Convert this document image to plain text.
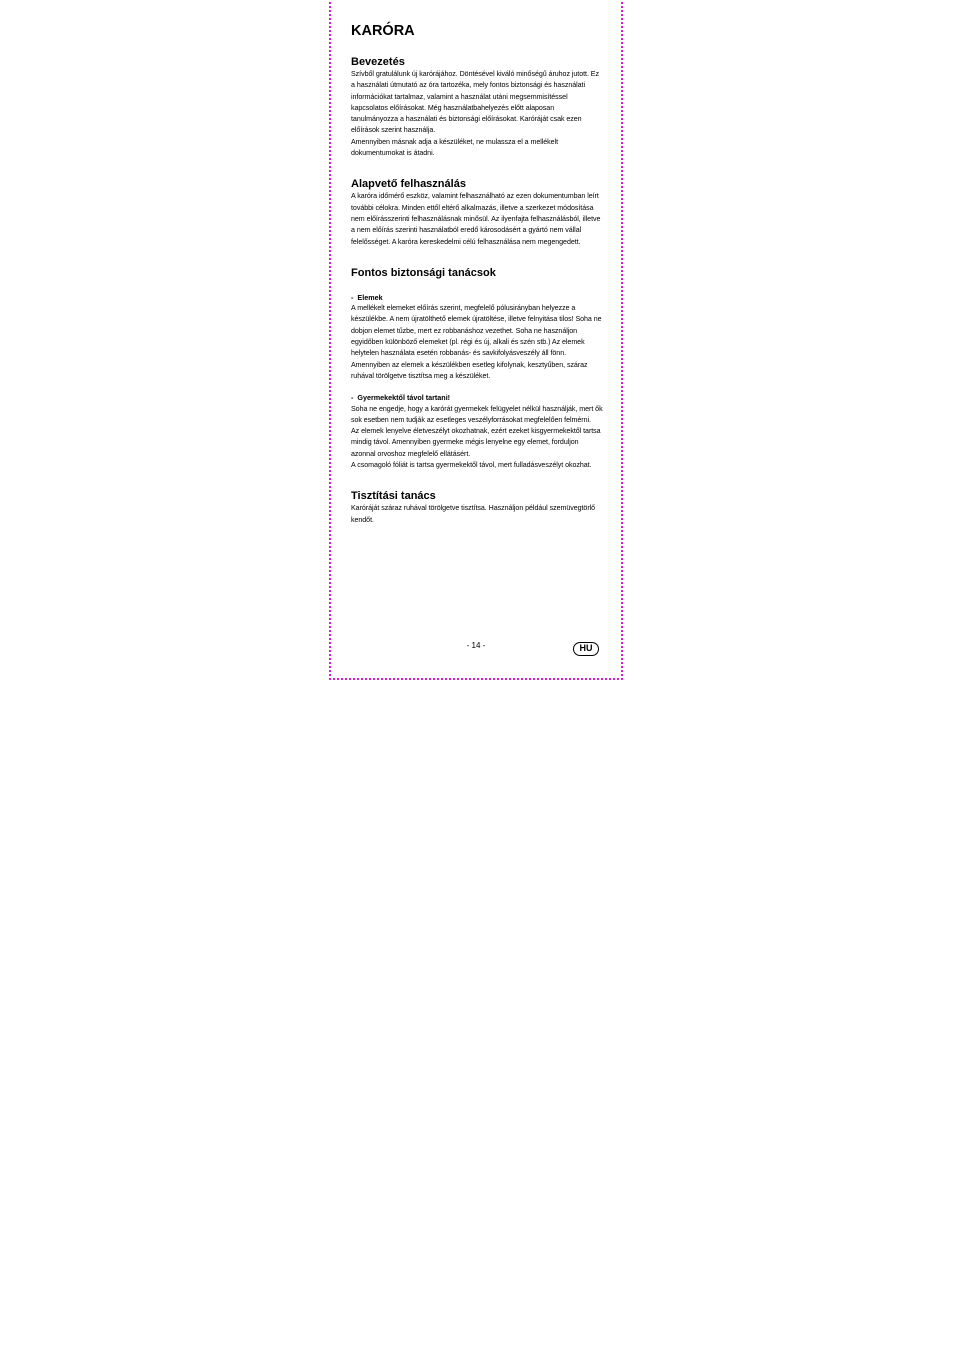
KARÓRA
Bevezetés

Szívből gratulálunk új karórájához. Döntésével kiváló minőségű áruhoz jutott. Ez a használati útmutató az óra tartozéka, mely fontos biztonsági és használati információkat tartalmaz, valamint a használat utáni megsemmisítéssel kapcsolatos előírásokat. Még használatbahelyezés előtt alaposan tanulmányozza a használati és biztonsági előírásokat. Karóráját csak ezen előírások szerint használja.

Amennyiben másnak adja a készüléket, ne mulassza el a mellékelt dokumentumokat is átadni.

Alapvető felhasználás

A karóra időmérő eszköz, valamint felhasználható az ezen dokumentumban leírt további célokra. Minden ettől eltérő alkalmazás, illetve a szerkezet módosítása nem előírásszerinti felhasználásnak minősül. Az ilyenfajta felhasználásból, illetve a nem előírás szerinti használatból eredő károsodásért a gyártó nem vállal felelősséget. A karóra kereskedelmi célú felhasználása nem megengedett.

Fontos biztonsági tanácsok

- Elemek

A mellékelt elemeket előírás szerint, megfelelő pólusirányban helyezze a készülékbe. A nem újratölthető elemek újratöltése, illetve felnyitása tilos! Soha ne dobjon elemet tűzbe, mert ez robbanáshoz vezethet. Soha ne használjon egyidőben különböző elemeket (pl. régi és új, alkali és szén stb.) Az elemek helytelen használata esetén robbanás- és savkifolyásveszély áll fönn. Amennyiben az elemek a készülékben esetleg kifolynak, kesztyűben, száraz ruhával törölgetve tisztítsa meg a készüléket.

- Gyermekektől távol tartani!

Soha ne engedje, hogy a karórát gyermekek felügyelet nélkül használják, mert ők sok esetben nem tudják az esetleges veszélyforrásokat megfelelően felmérni.

Az elemek lenyelve életveszélyt okozhatnak, ezért ezeket kisgyermekektől tartsa mindig távol. Amennyiben gyermeke mégis lenyelne egy elemet, forduljon azonnal orvoshoz megfelelő ellátásért.

A csomagoló fóliát is tartsa gyermekektől távol, mert fulladásveszélyt okozhat.

Tisztítási tanács

Karóráját száraz ruhával törölgetve tisztítsa. Használjon például szemüvegtörlő kendőt.

- 14 -	HU
